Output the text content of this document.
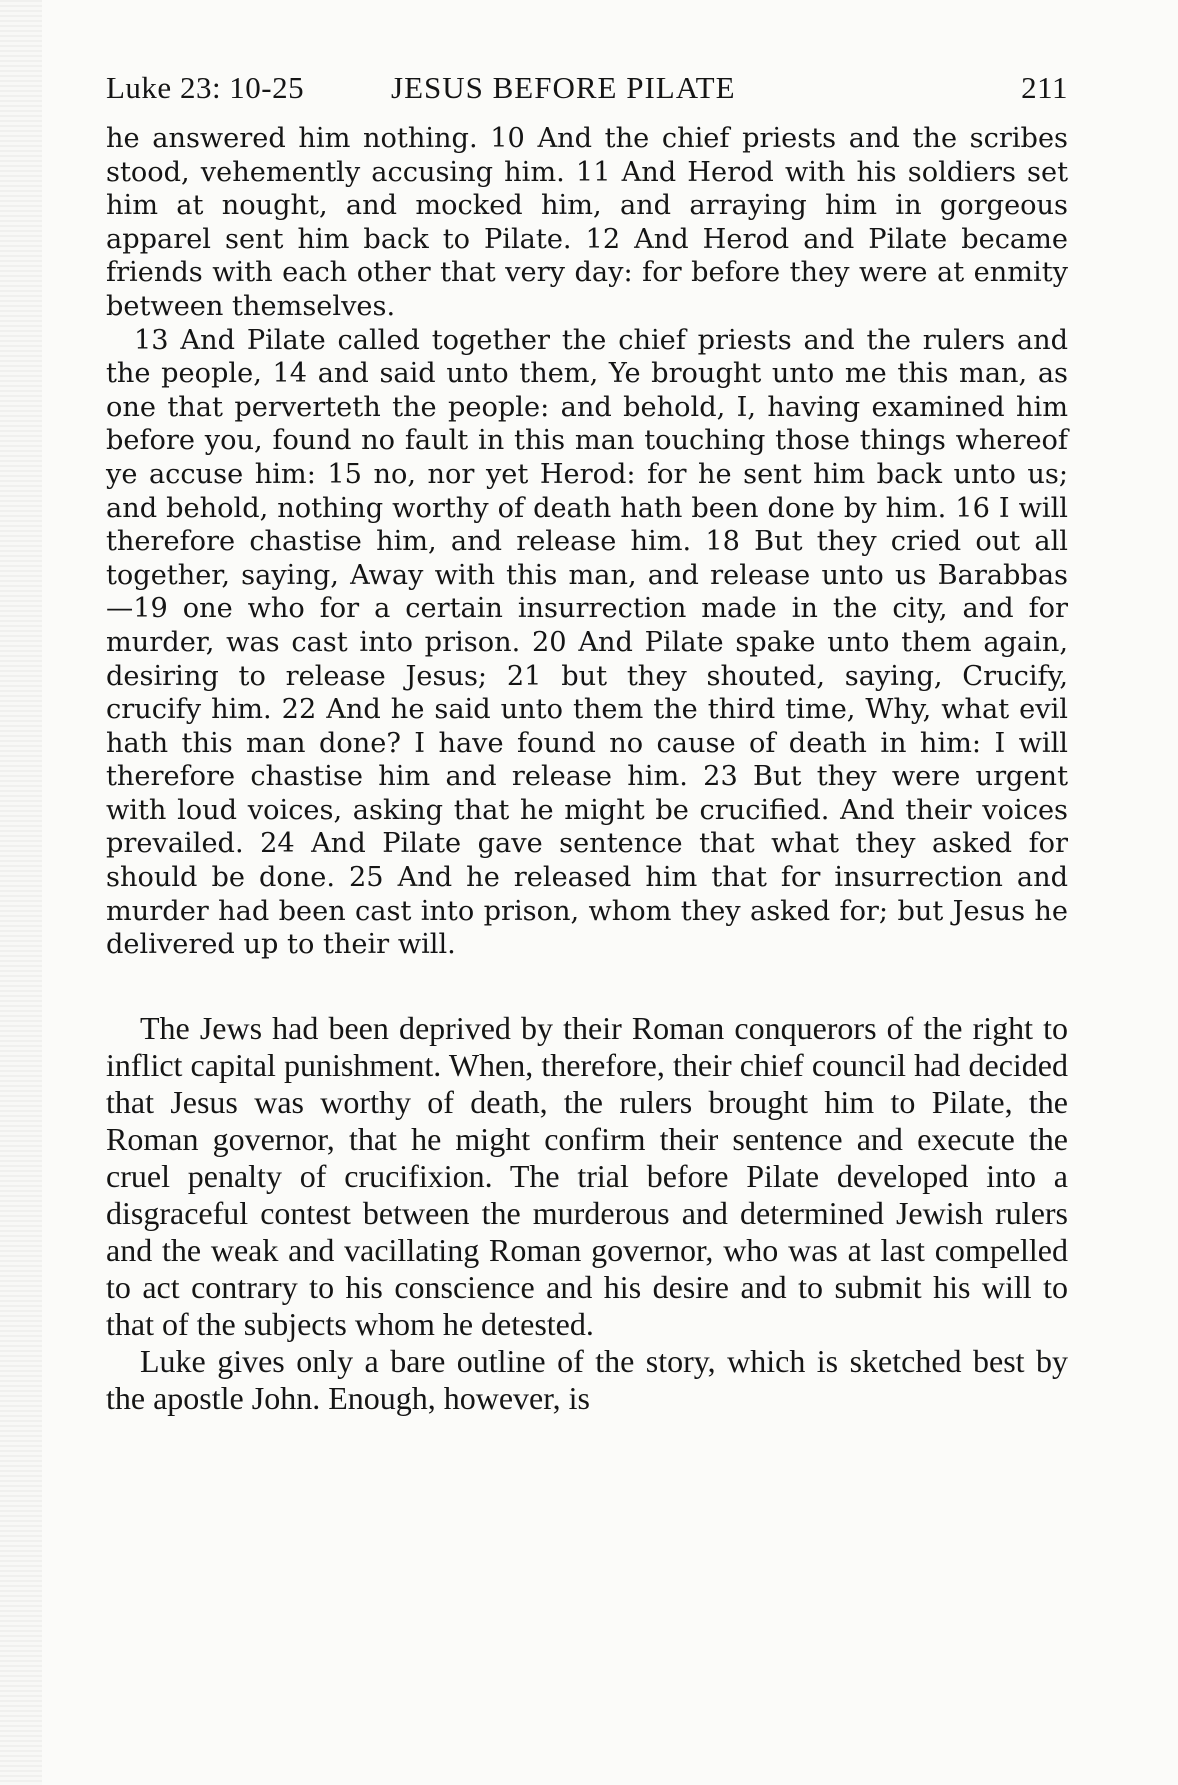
Luke 23: 10-25	JESUS BEFORE PILATE	211

he answered him nothing. 10 And the chief priests and the scribes stood, vehemently accusing him. 11 And Herod with his soldiers set him at nought, and mocked him, and arraying him in gorgeous apparel sent him back to Pilate. 12 And Herod and Pilate became friends with each other that very day: for before they were at enmity between themselves.

13 And Pilate called together the chief priests and the rulers and the people, 14 and said unto them, Ye brought unto me this man, as one that perverteth the people: and behold, I, having examined him before you, found no fault in this man touching those things whereof ye accuse him: 15 no, nor yet Herod: for he sent him back unto us; and behold, nothing worthy of death hath been done by him. 16 I will therefore chastise him, and release him. 18 But they cried out all together, saying, Away with this man, and release unto us Barabbas—19 one who for a certain insurrection made in the city, and for murder, was cast into prison. 20 And Pilate spake unto them again, desiring to release Jesus; 21 but they shouted, saying, Crucify, crucify him. 22 And he said unto them the third time, Why, what evil hath this man done? I have found no cause of death in him: I will therefore chastise him and release him. 23 But they were urgent with loud voices, asking that he might be crucified. And their voices prevailed. 24 And Pilate gave sentence that what they asked for should be done. 25 And he released him that for insurrection and murder had been cast into prison, whom they asked for; but Jesus he delivered up to their will.

The Jews had been deprived by their Roman conquerors of the right to inflict capital punishment. When, therefore, their chief council had decided that Jesus was worthy of death, the rulers brought him to Pilate, the Roman governor, that he might confirm their sentence and execute the cruel penalty of crucifixion. The trial before Pilate developed into a disgraceful contest between the murderous and determined Jewish rulers and the weak and vacillating Roman governor, who was at last compelled to act contrary to his conscience and his desire and to submit his will to that of the subjects whom he detested.

Luke gives only a bare outline of the story, which is sketched best by the apostle John. Enough, however, is
